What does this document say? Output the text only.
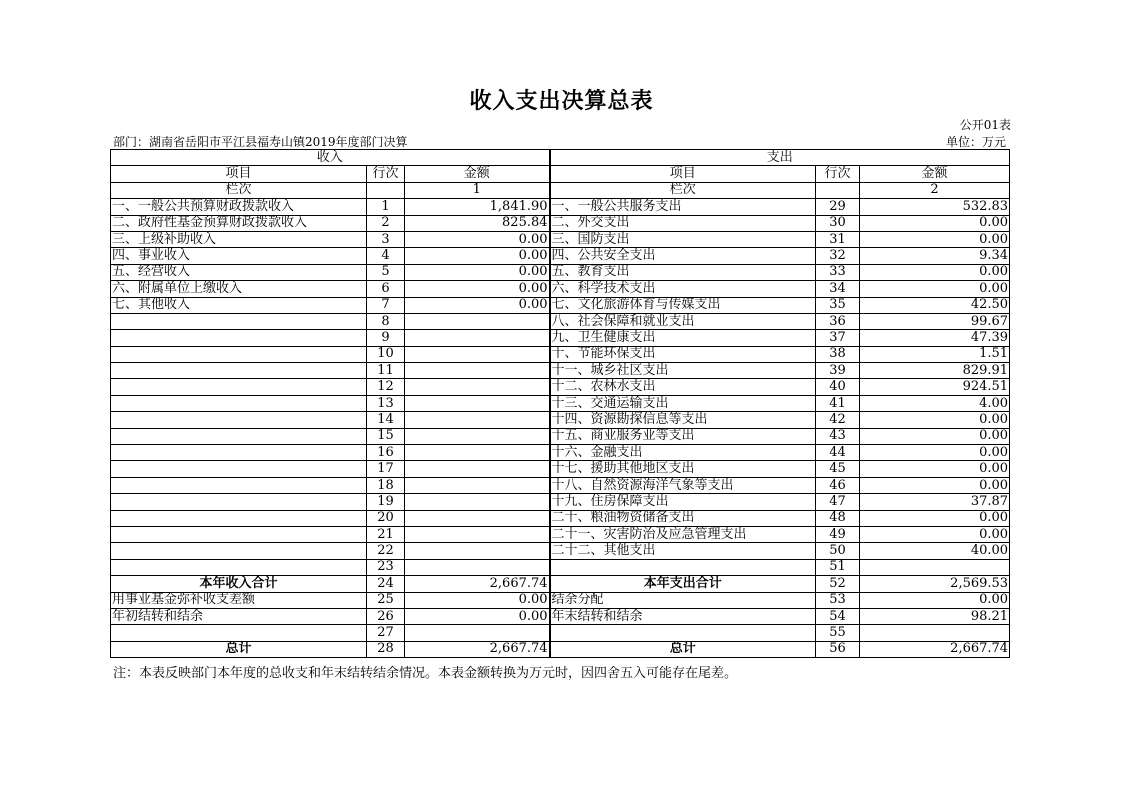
收入支出决算总表
公开01表
部门：湖南省岳阳市平江县福寿山镇2019年度部门决算	单位：万元
收入			支出		
项目	行次	金额	项目	行次	金额
栏次		1	栏次		2
一、一般公共预算财政拨款收入	1	1,841.90	一、一般公共服务支出	29	532.83
二、政府性基金预算财政拨款收入	2	825.84	二、外交支出	30	0.00
三、上级补助收入	3	0.00	三、国防支出	31	0.00
四、事业收入	4	0.00	四、公共安全支出	32	9.34
五、经营收入	5	0.00	五、教育支出	33	0.00
六、附属单位上缴收入	6	0.00	六、科学技术支出	34	0.00
七、其他收入	7	0.00	七、文化旅游体育与传媒支出	35	42.50
	8		八、社会保障和就业支出	36	99.67
	9		九、卫生健康支出	37	47.39
	10		十、节能环保支出	38	1.51
	11		十一、城乡社区支出	39	829.91
	12		十二、农林水支出	40	924.51
	13		十三、交通运输支出	41	4.00
	14		十四、资源勘探信息等支出	42	0.00
	15		十五、商业服务业等支出	43	0.00
	16		十六、金融支出	44	0.00
	17		十七、援助其他地区支出	45	0.00
	18		十八、自然资源海洋气象等支出	46	0.00
	19		十九、住房保障支出	47	37.87
	20		二十、粮油物资储备支出	48	0.00
	21		二十一、灾害防治及应急管理支出	49	0.00
	22		二十二、其他支出	50	40.00
	23			51	
本年收入合计	24	2,667.74	本年支出合计	52	2,569.53
用事业基金弥补收支差额	25	0.00	结余分配	53	0.00
年初结转和结余	26	0.00	年末结转和结余	54	98.21
	27			55	
总计	28	2,667.74	总计	56	2,667.74
注：本表反映部门本年度的总收支和年末结转结余情况。本表金额转换为万元时，因四舍五入可能存在尾差。
